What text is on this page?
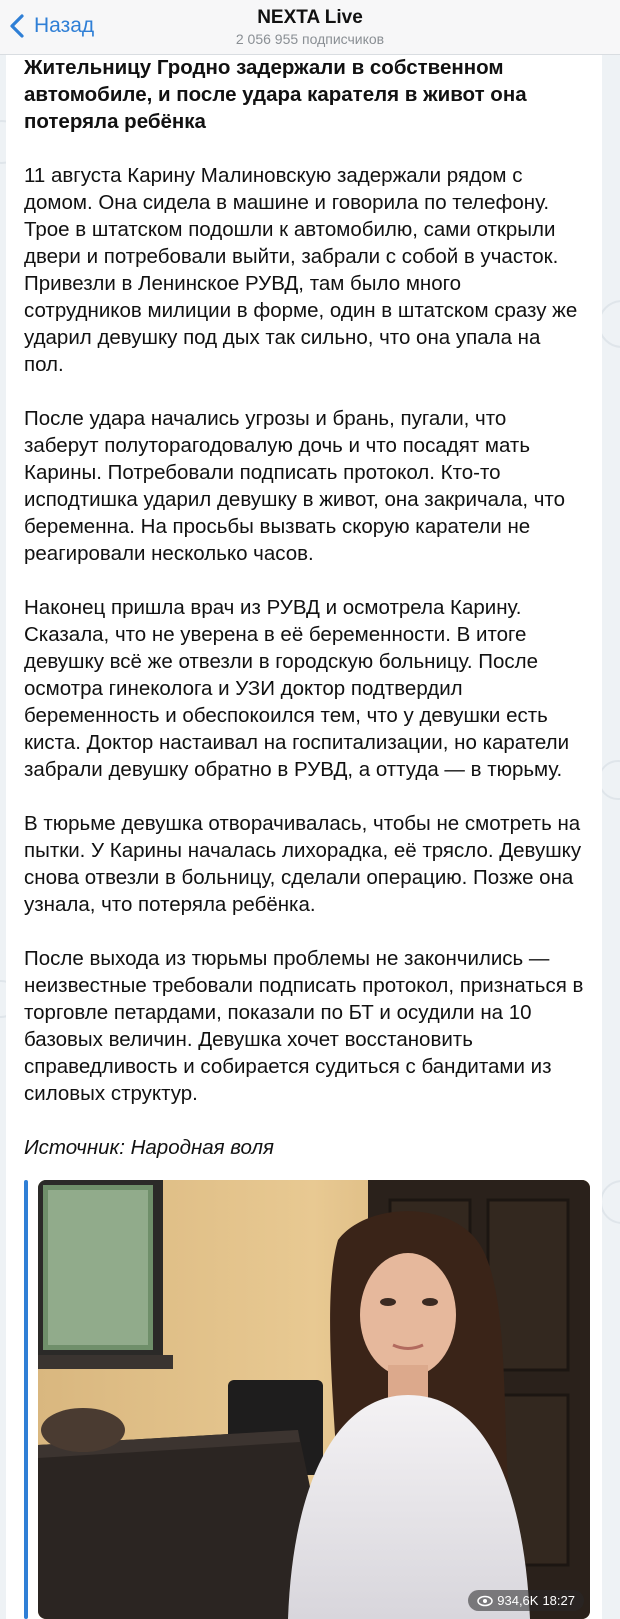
Назад	NEXTA Live
2 056 955 подписчиков

Жительницу Гродно задержали в собственном автомобиле, и после удара карателя в живот она потеряла ребёнка

11 августа Карину Малиновскую задержали рядом с домом. Она сидела в машине и говорила по телефону. Трое в штатском подошли к автомобилю, сами открыли двери и потребовали выйти, забрали с собой в участок. Привезли в Ленинское РУВД, там было много сотрудников милиции в форме, один в штатском сразу же ударил девушку под дых так сильно, что она упала на пол.

После удара начались угрозы и брань, пугали, что заберут полуторагодовалую дочь и что посадят мать Карины. Потребовали подписать протокол. Кто-то исподтишка ударил девушку в живот, она закричала, что беременна. На просьбы вызвать скорую каратели не реагировали несколько часов.

Наконец пришла врач из РУВД и осмотрела Карину. Сказала, что не уверена в её беременности. В итоге девушку всё же отвезли в городскую больницу. После осмотра гинеколога и УЗИ доктор подтвердил беременность и обеспокоился тем, что у девушки есть киста. Доктор настаивал на госпитализации, но каратели забрали девушку обратно в РУВД, а оттуда — в тюрьму.

В тюрьме девушка отворачивалась, чтобы не смотреть на пытки. У Карины началась лихорадка, её трясло. Девушку снова отвезли в больницу, сделали операцию. Позже она узнала, что потеряла ребёнка.

После выхода из тюрьмы проблемы не закончились — неизвестные требовали подписать протокол, признаться в торговле петардами, показали по БТ и осудили на 10 базовых величин. Девушка хочет восстановить справедливость и собирается судиться с бандитами из силовых структур.

Источник: Народная воля

934,6K 18:27
